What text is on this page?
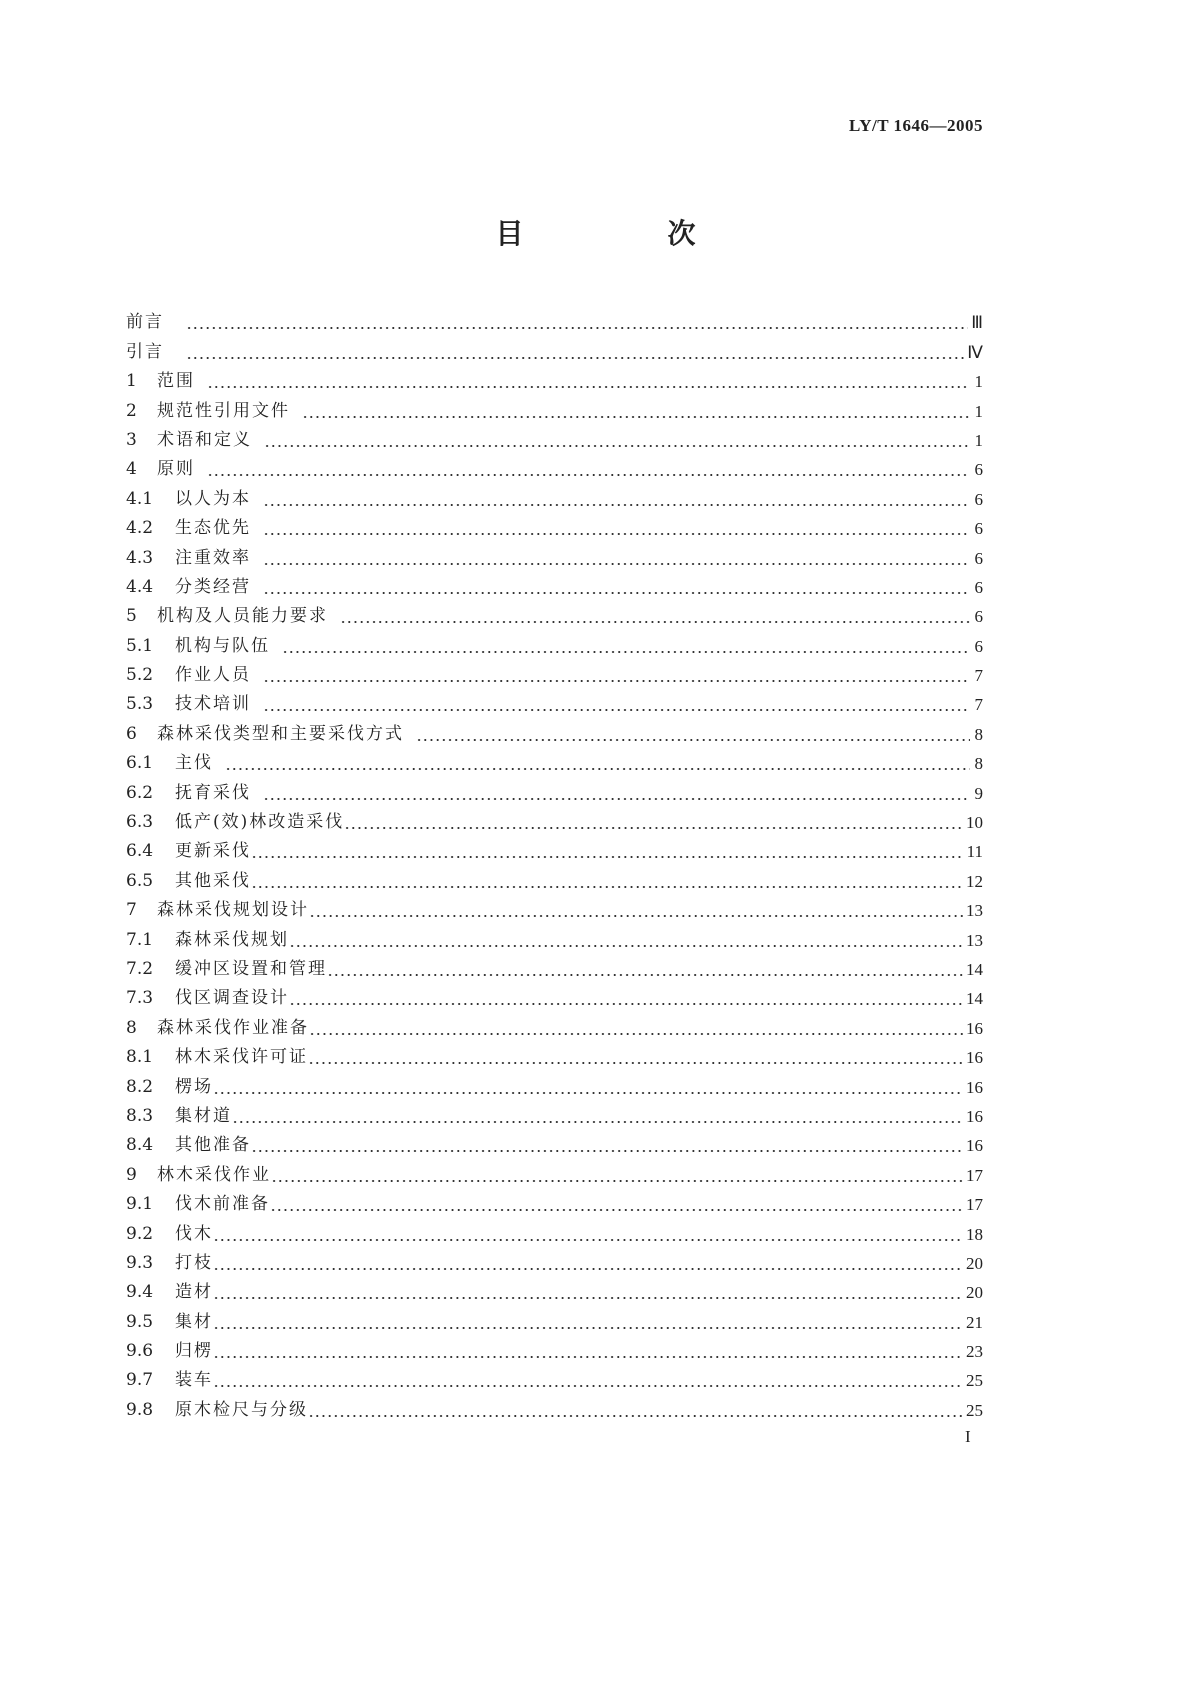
LY/T 1646—2005
目　次
前言	Ⅲ
引言	Ⅳ
1	范围	1
2	规范性引用文件	1
3	术语和定义	1
4	原则	6
4.1	以人为本	6
4.2	生态优先	6
4.3	注重效率	6
4.4	分类经营	6
5	机构及人员能力要求	6
5.1	机构与队伍	6
5.2	作业人员	7
5.3	技术培训	7
6	森林采伐类型和主要采伐方式	8
6.1	主伐	8
6.2	抚育采伐	9
6.3	低产(效)林改造采伐	10
6.4	更新采伐	11
6.5	其他采伐	12
7	森林采伐规划设计	13
7.1	森林采伐规划	13
7.2	缓冲区设置和管理	14
7.3	伐区调查设计	14
8	森林采伐作业准备	16
8.1	林木采伐许可证	16
8.2	楞场	16
8.3	集材道	16
8.4	其他准备	16
9	林木采伐作业	17
9.1	伐木前准备	17
9.2	伐木	18
9.3	打枝	20
9.4	造材	20
9.5	集材	21
9.6	归楞	23
9.7	装车	25
9.8	原木检尺与分级	25
I
